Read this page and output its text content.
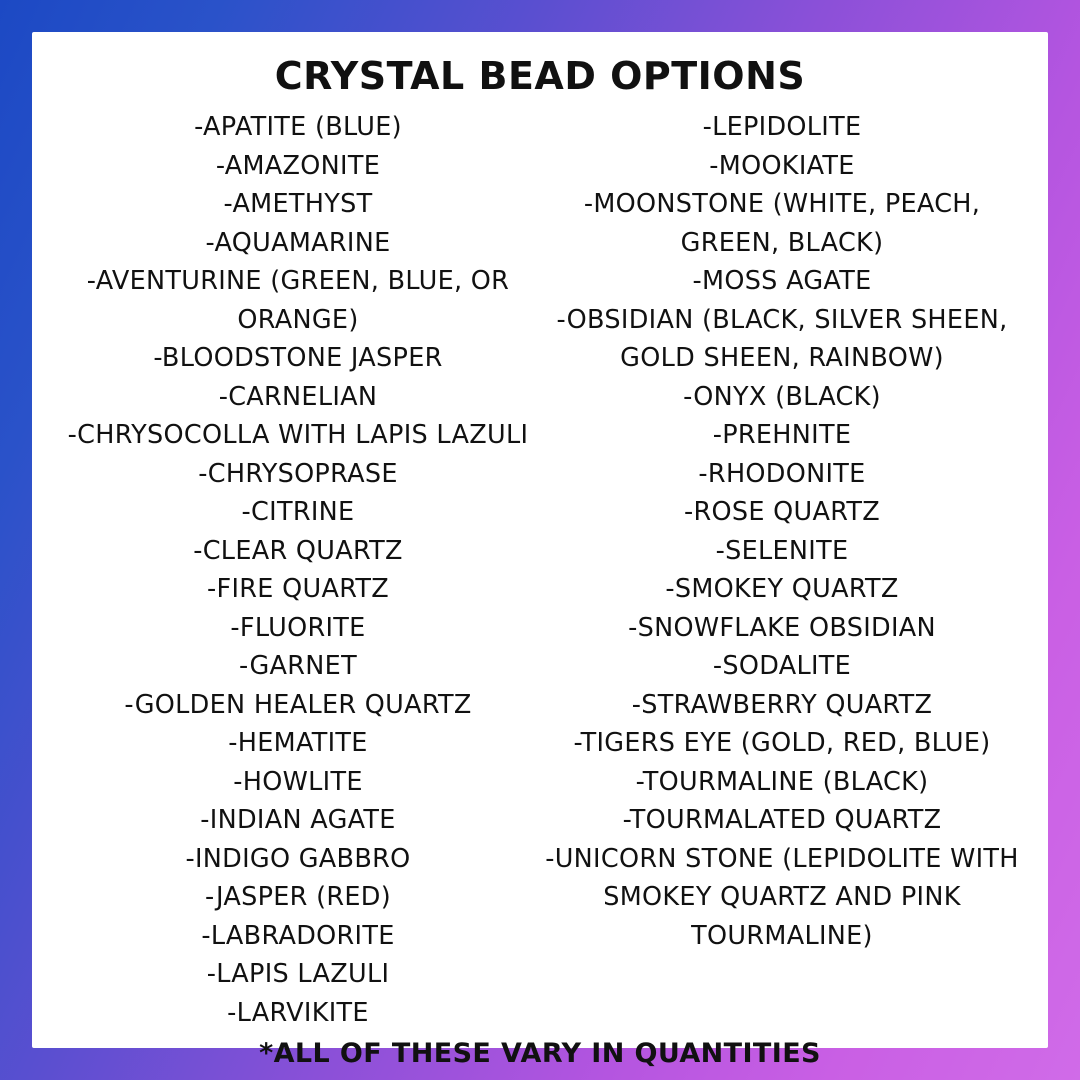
CRYSTAL BEAD OPTIONS
-APATITE (BLUE)
-AMAZONITE
-AMETHYST
-AQUAMARINE
-AVENTURINE (GREEN, BLUE, OR ORANGE)
-BLOODSTONE JASPER
-CARNELIAN
-CHRYSOCOLLA WITH LAPIS LAZULI
-CHRYSOPRASE
-CITRINE
-CLEAR QUARTZ
-FIRE QUARTZ
-FLUORITE
-GARNET
-GOLDEN HEALER QUARTZ
-HEMATITE
-HOWLITE
-INDIAN AGATE
-INDIGO GABBRO
-JASPER (RED)
-LABRADORITE
-LAPIS LAZULI
-LARVIKITE
-LEPIDOLITE
-MOOKIATE
-MOONSTONE (WHITE, PEACH, GREEN, BLACK)
-MOSS AGATE
-OBSIDIAN (BLACK, SILVER SHEEN, GOLD SHEEN, RAINBOW)
-ONYX (BLACK)
-PREHNITE
-RHODONITE
-ROSE QUARTZ
-SELENITE
-SMOKEY QUARTZ
-SNOWFLAKE OBSIDIAN
-SODALITE
-STRAWBERRY QUARTZ
-TIGERS EYE (GOLD, RED, BLUE)
-TOURMALINE (BLACK)
-TOURMALATED QUARTZ
-UNICORN STONE (LEPIDOLITE WITH SMOKEY QUARTZ AND PINK TOURMALINE)
*ALL OF THESE VARY IN QUANTITIES
